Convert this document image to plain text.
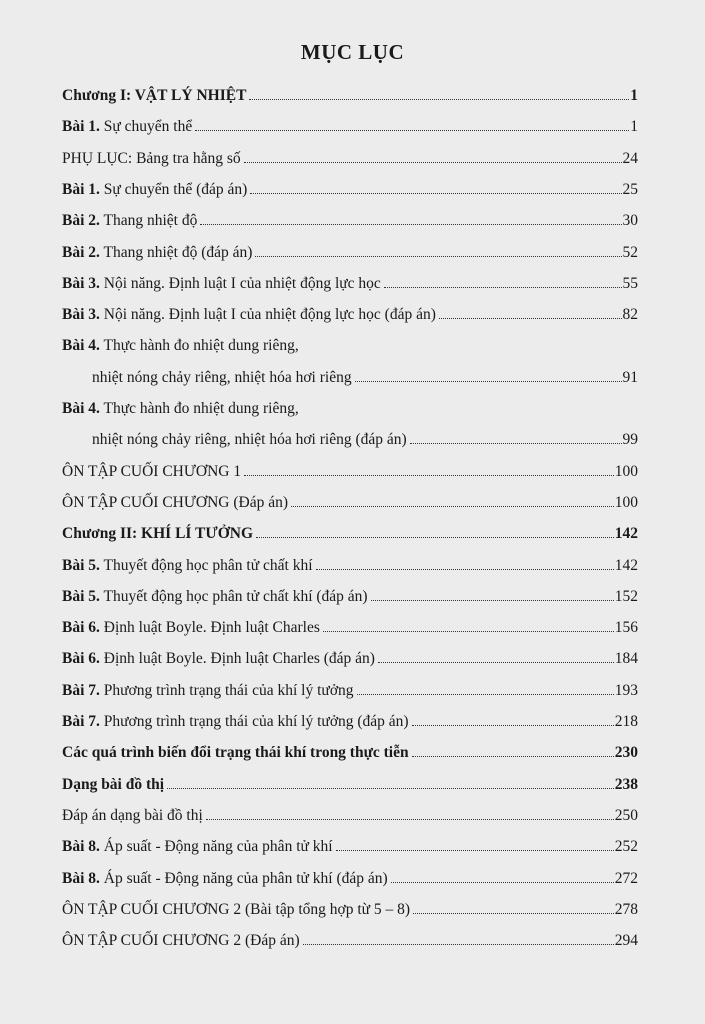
MỤC LỤC
Chương I: VẬT LÝ NHIỆT	1
Bài 1. Sự chuyển thể	1
PHỤ LỤC: Bảng tra hằng số	24
Bài 1. Sự chuyển thể (đáp án)	25
Bài 2. Thang nhiệt độ	30
Bài 2. Thang nhiệt độ (đáp án)	52
Bài 3. Nội năng. Định luật I của nhiệt động lực học	55
Bài 3. Nội năng. Định luật I của nhiệt động lực học (đáp án)	82
Bài 4. Thực hành đo nhiệt dung riêng,
nhiệt nóng chảy riêng, nhiệt hóa hơi riêng	91
Bài 4. Thực hành đo nhiệt dung riêng,
nhiệt nóng chảy riêng, nhiệt hóa hơi riêng (đáp án)	99
ÔN TẬP CUỐI CHƯƠNG 1	100
ÔN TẬP CUỐI CHƯƠNG (Đáp án)	100
Chương II: KHÍ LÍ TƯỞNG	142
Bài 5. Thuyết động học phân tử chất khí	142
Bài 5. Thuyết động học phân tử chất khí (đáp án)	152
Bài 6. Định luật Boyle. Định luật Charles	156
Bài 6. Định luật Boyle. Định luật Charles (đáp án)	184
Bài 7. Phương trình trạng thái của khí lý tưởng	193
Bài 7. Phương trình trạng thái của khí lý tưởng (đáp án)	218
Các quá trình biến đổi trạng thái khí trong thực tiễn	230
Dạng bài đồ thị	238
Đáp án dạng bài đồ thị	250
Bài 8. Áp suất - Động năng của phân tử khí	252
Bài 8. Áp suất - Động năng của phân tử khí (đáp án)	272
ÔN TẬP CUỐI CHƯƠNG 2 (Bài tập tổng hợp từ 5 – 8)	278
ÔN TẬP CUỐI CHƯƠNG 2 (Đáp án)	294
